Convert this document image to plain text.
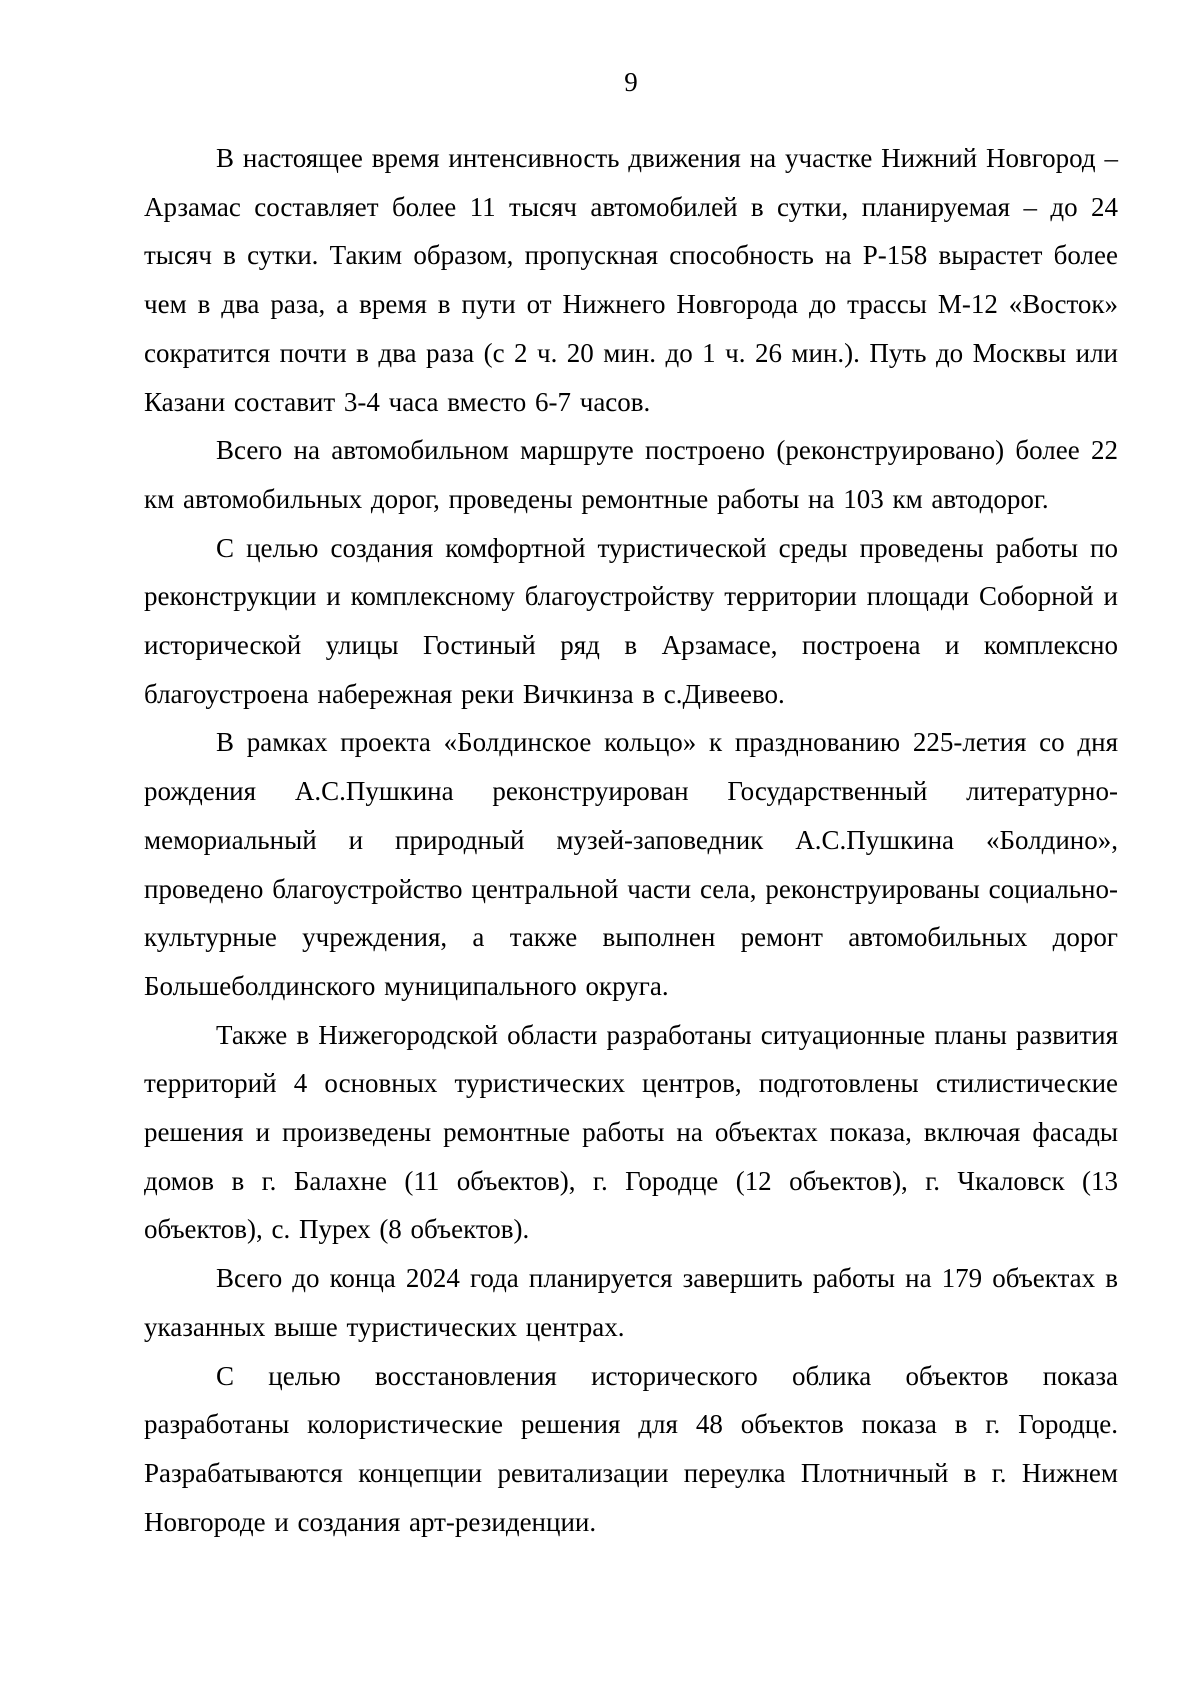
9

В настоящее время интенсивность движения на участке Нижний Новгород – Арзамас составляет более 11 тысяч автомобилей в сутки, планируемая – до 24 тысяч в сутки. Таким образом, пропускная способность на Р-158 вырастет более чем в два раза, а время в пути от Нижнего Новгорода до трассы М-12 «Восток» сократится почти в два раза (с 2 ч. 20 мин. до 1 ч. 26 мин.). Путь до Москвы или Казани составит 3-4 часа вместо 6-7 часов.

Всего на автомобильном маршруте построено (реконструировано) более 22 км автомобильных дорог, проведены ремонтные работы на 103 км автодорог.

С целью создания комфортной туристической среды проведены работы по реконструкции и комплексному благоустройству территории площади Соборной и исторической улицы Гостиный ряд в Арзамасе, построена и комплексно благоустроена набережная реки Вичкинза в с.Дивеево.

В рамках проекта «Болдинское кольцо» к празднованию 225-летия со дня рождения А.С.Пушкина реконструирован Государственный литературно-мемориальный и природный музей-заповедник А.С.Пушкина «Болдино», проведено благоустройство центральной части села, реконструированы социально-культурные учреждения, а также выполнен ремонт автомобильных дорог Большеболдинского муниципального округа.

Также в Нижегородской области разработаны ситуационные планы развития территорий 4 основных туристических центров, подготовлены стилистические решения и произведены ремонтные работы на объектах показа, включая фасады домов в г. Балахне (11 объектов), г. Городце (12 объектов), г. Чкаловск (13 объектов), с. Пурех (8 объектов).

Всего до конца 2024 года планируется завершить работы на 179 объектах в указанных выше туристических центрах.

С целью восстановления исторического облика объектов показа разработаны колористические решения для 48 объектов показа в г. Городце. Разрабатываются концепции ревитализации переулка Плотничный в г. Нижнем Новгороде и создания арт-резиденции.
